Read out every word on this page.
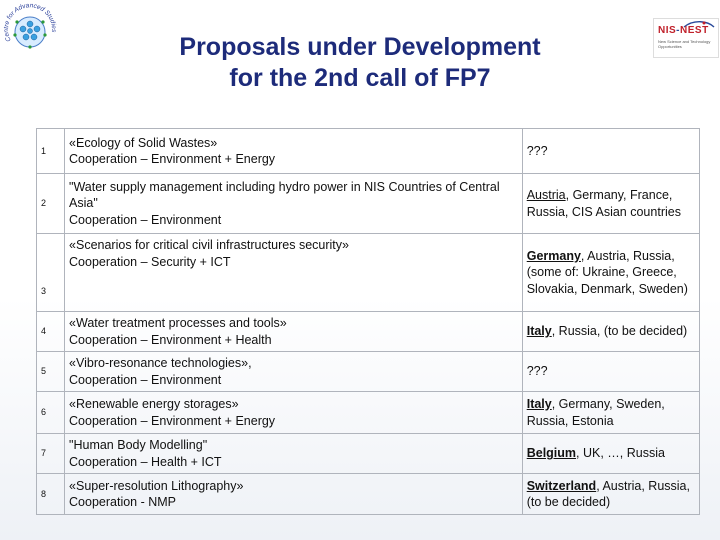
Centre for Advanced Studies	NIS-NEST
New Science and Technology Opportunities
Proposals under Development
for the 2nd call of FP7
1	«Ecology of Solid Wastes»
Cooperation – Environment + Energy	???
2	"Water supply management including hydro power in NIS Countries of Central Asia"
Cooperation – Environment	Austria, Germany, France, Russia, CIS Asian countries
3	«Scenarios for critical civil infrastructures security»
Cooperation – Security + ICT	Germany, Austria, Russia, (some of: Ukraine, Greece, Slovakia, Denmark, Sweden)
4	«Water treatment processes and tools»
Cooperation – Environment + Health	Italy, Russia, (to be decided)
5	«Vibro-resonance technologies»,
Cooperation – Environment	???
6	«Renewable energy storages»
Cooperation – Environment + Energy	Italy, Germany, Sweden, Russia, Estonia
7	"Human Body Modelling"
Cooperation – Health + ICT	Belgium, UK, …, Russia
8	«Super-resolution Lithography»
Cooperation - NMP	Switzerland, Austria, Russia, (to be decided)
